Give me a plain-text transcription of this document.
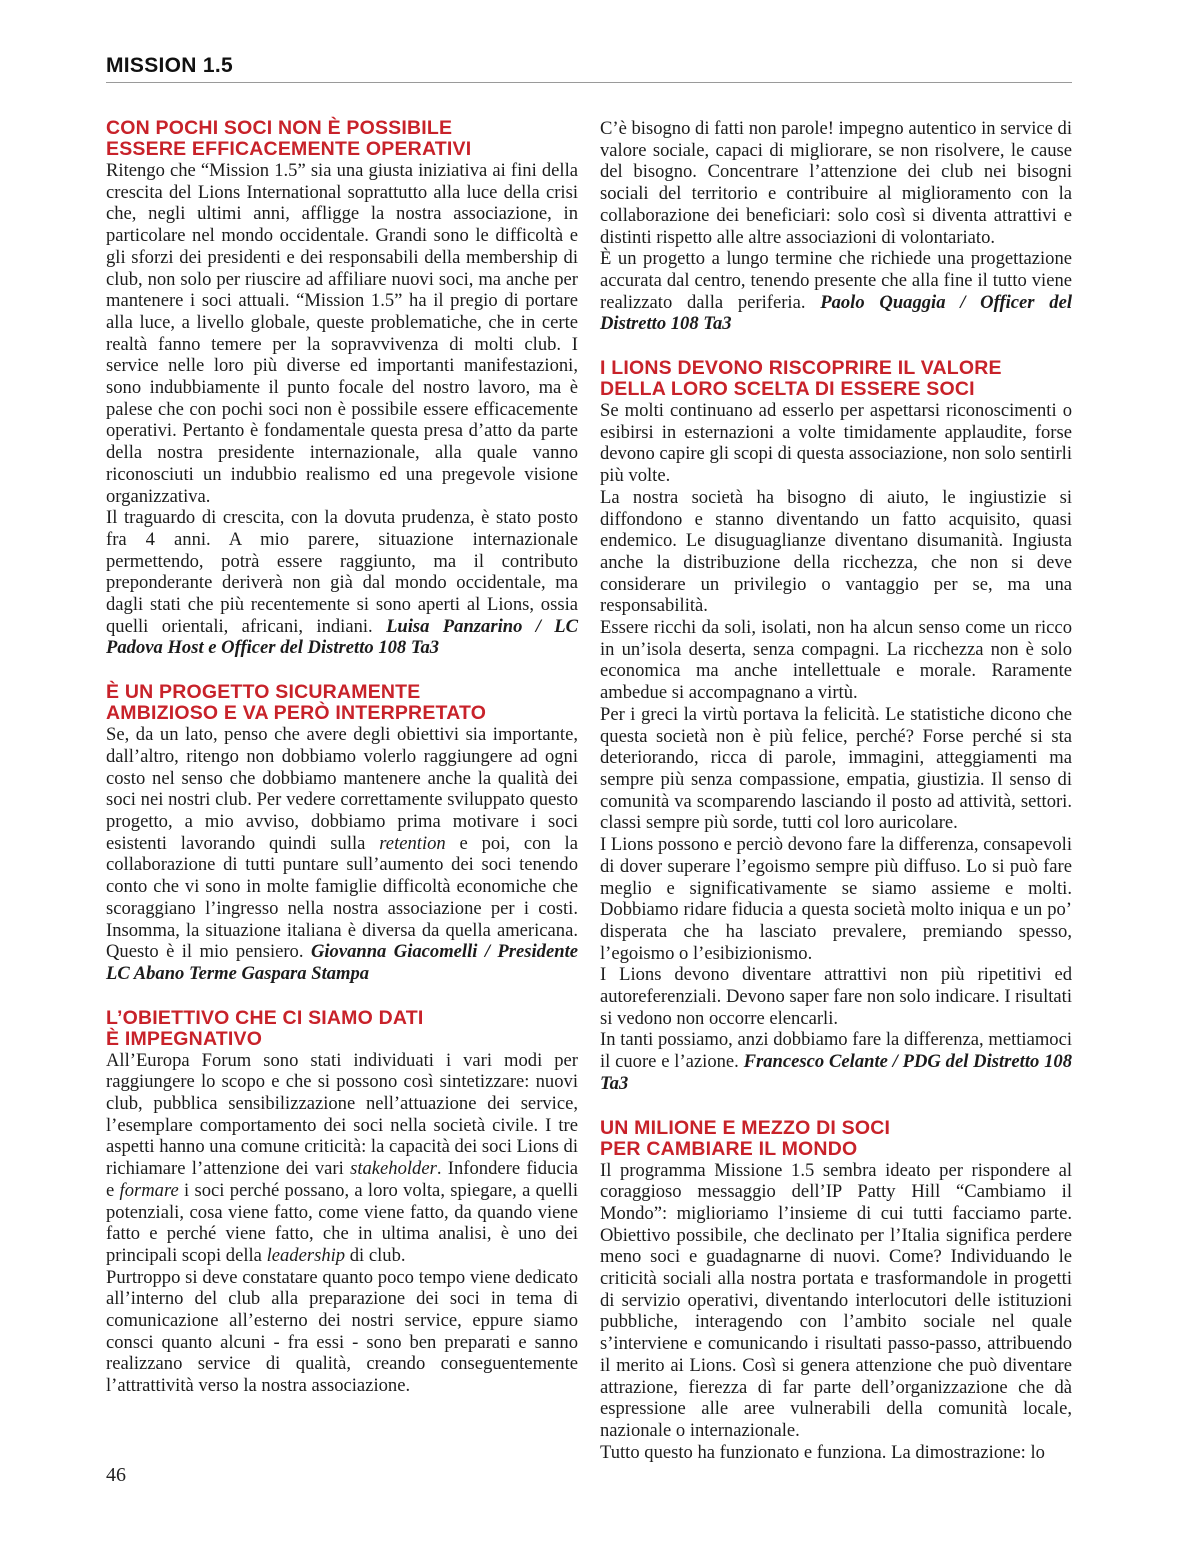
MISSION 1.5
CON POCHI SOCI NON È POSSIBILE
ESSERE EFFICACEMENTE OPERATIVI

Ritengo che “Mission 1.5” sia una giusta iniziativa ai fini della crescita del Lions International soprattutto alla luce della crisi che, negli ultimi anni, affligge la nostra associazione, in particolare nel mondo occidentale. Grandi sono le difficoltà e gli sforzi dei presidenti e dei responsabili della membership di club, non solo per riuscire ad affiliare nuovi soci, ma anche per mantenere i soci attuali. “Mission 1.5” ha il pregio di portare alla luce, a livello globale, queste problematiche, che in certe realtà fanno temere per la sopravvivenza di molti club. I service nelle loro più diverse ed importanti manifestazioni, sono indubbiamente il punto focale del nostro lavoro, ma è palese che con pochi soci non è possibile essere efficacemente operativi. Pertanto è fondamentale questa presa d’atto da parte della nostra presidente internazionale, alla quale vanno riconosciuti un indubbio realismo ed una pregevole visione organizzativa.

Il traguardo di crescita, con la dovuta prudenza, è stato posto fra 4 anni. A mio parere, situazione internazionale permettendo, potrà essere raggiunto, ma il contributo preponderante deriverà non già dal mondo occidentale, ma dagli stati che più recentemente si sono aperti al Lions, ossia quelli orientali, africani, indiani. Luisa Panzarino / LC Padova Host e Officer del Distretto 108 Ta3

È UN PROGETTO SICURAMENTE
AMBIZIOSO E VA PERÒ INTERPRETATO

Se, da un lato, penso che avere degli obiettivi sia importante, dall’altro, ritengo non dobbiamo volerlo raggiungere ad ogni costo nel senso che dobbiamo mantenere anche la qualità dei soci nei nostri club. Per vedere correttamente sviluppato questo progetto, a mio avviso, dobbiamo prima motivare i soci esistenti lavorando quindi sulla retention e poi, con la collaborazione di tutti puntare sull’aumento dei soci tenendo conto che vi sono in molte famiglie difficoltà economiche che scoraggiano l’ingresso nella nostra associazione per i costi. Insomma, la situazione italiana è diversa da quella americana. Questo è il mio pensiero. Giovanna Giacomelli / Presidente LC Abano Terme Gaspara Stampa

L’OBIETTIVO CHE CI SIAMO DATI
È IMPEGNATIVO

All’Europa Forum sono stati individuati i vari modi per raggiungere lo scopo e che si possono così sintetizzare: nuovi club, pubblica sensibilizzazione nell’attuazione dei service, l’esemplare comportamento dei soci nella società civile. I tre aspetti hanno una comune criticità: la capacità dei soci Lions di richiamare l’attenzione dei vari stakeholder. Infondere fiducia e formare i soci perché possano, a loro volta, spiegare, a quelli potenziali, cosa viene fatto, come viene fatto, da quando viene fatto e perché viene fatto, che in ultima analisi, è uno dei principali scopi della leadership di club.

Purtroppo si deve constatare quanto poco tempo viene dedicato all’interno del club alla preparazione dei soci in tema di comunicazione all’esterno dei nostri service, eppure siamo consci quanto alcuni - fra essi - sono ben preparati e sanno realizzano service di qualità, creando conseguentemente l’attrattività verso la nostra associazione.

C’è bisogno di fatti non parole! impegno autentico in service di valore sociale, capaci di migliorare, se non risolvere, le cause del bisogno. Concentrare l’attenzione dei club nei bisogni sociali del territorio e contribuire al miglioramento con la collaborazione dei beneficiari: solo così si diventa attrattivi e distinti rispetto alle altre associazioni di volontariato.

È un progetto a lungo termine che richiede una progettazione accurata dal centro, tenendo presente che alla fine il tutto viene realizzato dalla periferia. Paolo Quaggia / Officer del Distretto 108 Ta3

I LIONS DEVONO RISCOPRIRE IL VALORE
DELLA LORO SCELTA DI ESSERE SOCI

Se molti continuano ad esserlo per aspettarsi riconoscimenti o esibirsi in esternazioni a volte timidamente applaudite, forse devono capire gli scopi di questa associazione, non solo sentirli più volte.

La nostra società ha bisogno di aiuto, le ingiustizie si diffondono e stanno diventando un fatto acquisito, quasi endemico. Le disuguaglianze diventano disumanità. Ingiusta anche la distribuzione della ricchezza, che non si deve considerare un privilegio o vantaggio per se, ma una responsabilità.

Essere ricchi da soli, isolati, non ha alcun senso come un ricco in un’isola deserta, senza compagni. La ricchezza non è solo economica ma anche intellettuale e morale. Raramente ambedue si accompagnano a virtù.

Per i greci la virtù portava la felicità. Le statistiche dicono che questa società non è più felice, perché? Forse perché si sta deteriorando, ricca di parole, immagini, atteggiamenti ma sempre più senza compassione, empatia, giustizia. Il senso di comunità va scomparendo lasciando il posto ad attività, settori. classi sempre più sorde, tutti col loro auricolare.

I Lions possono e perciò devono fare la differenza, consapevoli di dover superare l’egoismo sempre più diffuso. Lo si può fare meglio e significativamente se siamo assieme e molti. Dobbiamo ridare fiducia a questa società molto iniqua e un po’ disperata che ha lasciato prevalere, premiando spesso, l’egoismo o l’esibizionismo.

I Lions devono diventare attrattivi non più ripetitivi ed autoreferenziali. Devono saper fare non solo indicare. I risultati si vedono non occorre elencarli.

In tanti possiamo, anzi dobbiamo fare la differenza, mettiamoci il cuore e l’azione. Francesco Celante / PDG del Distretto 108 Ta3

UN MILIONE E MEZZO DI SOCI
PER CAMBIARE IL MONDO

Il programma Missione 1.5 sembra ideato per rispondere al coraggioso messaggio dell’IP Patty Hill “Cambiamo il Mondo”: miglioriamo l’insieme di cui tutti facciamo parte. Obiettivo possibile, che declinato per l’Italia significa perdere meno soci e guadagnarne di nuovi. Come? Individuando le criticità sociali alla nostra portata e trasformandole in progetti di servizio operativi, diventando interlocutori delle istituzioni pubbliche, interagendo con l’ambito sociale nel quale s’interviene e comunicando i risultati passo-passo, attribuendo il merito ai Lions. Così si genera attenzione che può diventare attrazione, fierezza di far parte dell’organizzazione che dà espressione alle aree vulnerabili della comunità locale, nazionale o internazionale.

Tutto questo ha funzionato e funziona. La dimostrazione: lo

46
